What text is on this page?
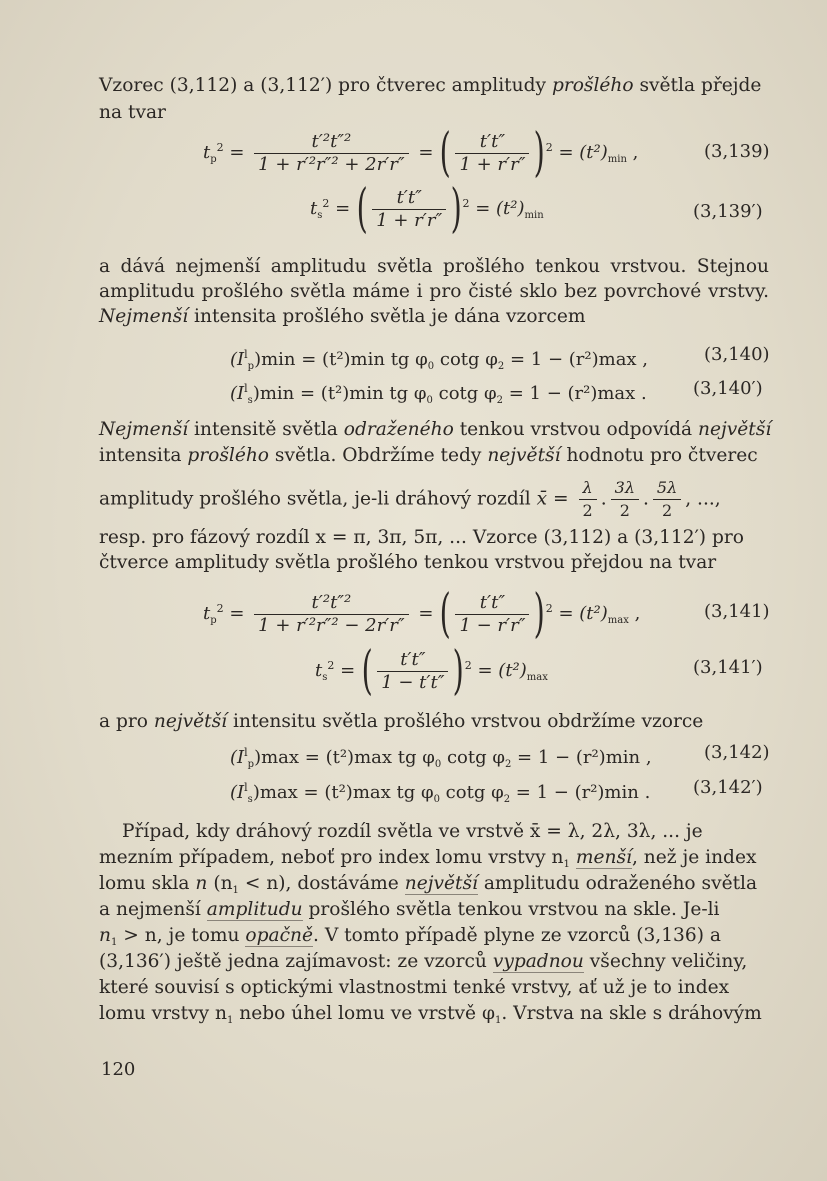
Vzorec (3,112) a (3,112′) pro čtverec amplitudy prošlého světla přejde
na tvar
$t_p^2 = \frac{\text{t′²t″²}}{\text{1 + r′²r″² + 2r′r″}}$ = ( $\frac{t't''}{1 + r'r''} )^2 = (t^2)_{min}$ ,	(3,139)
$t_s^2$ = ( $\frac{t't''}{1 + r'r''} )^2 = (t^2)_{min}$	(3,139′)
a dává nejmenší amplitudu světla prošlého tenkou vrstvou. Stejnou
amplitudu prošlého světla máme i pro čisté sklo bez povrchové vrstvy.
Nejmenší intensita prošlého světla je dána vzorcem
$(I^l_p)\min = (t^2)\min$ tg $\varphi_0$ cotg $\varphi_2 = 1 - (r^2)\max$ ,	(3,140)
$(I^l_s)\min = (t^2)\min$ tg $\varphi_0$ cotg $\varphi_2 = 1 - (r^2)\max$ .	(3,140′)
Nejmenší intensitě světla odraženého tenkou vrstvou odpovídá největší
intensita prošlého světla. Obdržíme tedy největší hodnotu pro čtverec
amplitudy prošlého světla, je-li dráhový rozdíl x̄ = $\frac{\lambda}{2}$ . $\frac{3\lambda}{2}$ . $\frac{5\lambda}{2}$ , ...,
resp. pro fázový rozdíl x = π, 3π, 5π, ... Vzorce (3,112) a (3,112′) pro
čtverce amplitudy světla prošlého tenkou vrstvou přejdou na tvar
$t_p^2 = \frac{\text{t′²t″²}}{\text{1 + r′²r″² − 2r′r″}}$ = ( $\frac{t't''}{1 - r'r''} )^2 = (t^2)_{max}$ ,	(3,141)
$t_s^2$ = ( $\frac{t't''}{1 - t't''} )^2 = (t^2)_{max}$	(3,141′)
a pro největší intensitu světla prošlého vrstvou obdržíme vzorce
$(I^l_p)\max = (t^2)\max$ tg $\varphi_0$ cotg $\varphi_2 = 1 - (r^2)\min$ ,	(3,142)
$(I^l_s)\max = (t^2)\max$ tg $\varphi_0$ cotg $\varphi_2 = 1 - (r^2)\min$ . (3,142′)
Případ, kdy dráhový rozdíl světla ve vrstvě x̄ = λ, 2λ, 3λ, ... je
mezním případem, neboť pro index lomu vrstvy $n_1$ menší, než je index
lomu skla n $(n_1 < n)$, dostáváme největší amplitudu odraženého světla
a nejmenší amplitudu prošlého světla tenkou vrstvou na skle. Je-li
$n_1 > n$, je tomu opačně. V tomto případě plyne ze vzorců (3,136) a
(3,136′) ještě jedna zajímavost: ze vzorců vypadnou všechny veličiny,
které souvisí s optickými vlastnostmi tenké vrstvy, ať už je to index
lomu vrstvy $n_1$ nebo úhel lomu ve vrstvě $\varphi_1$. Vrstva na skle s dráhovým
120
